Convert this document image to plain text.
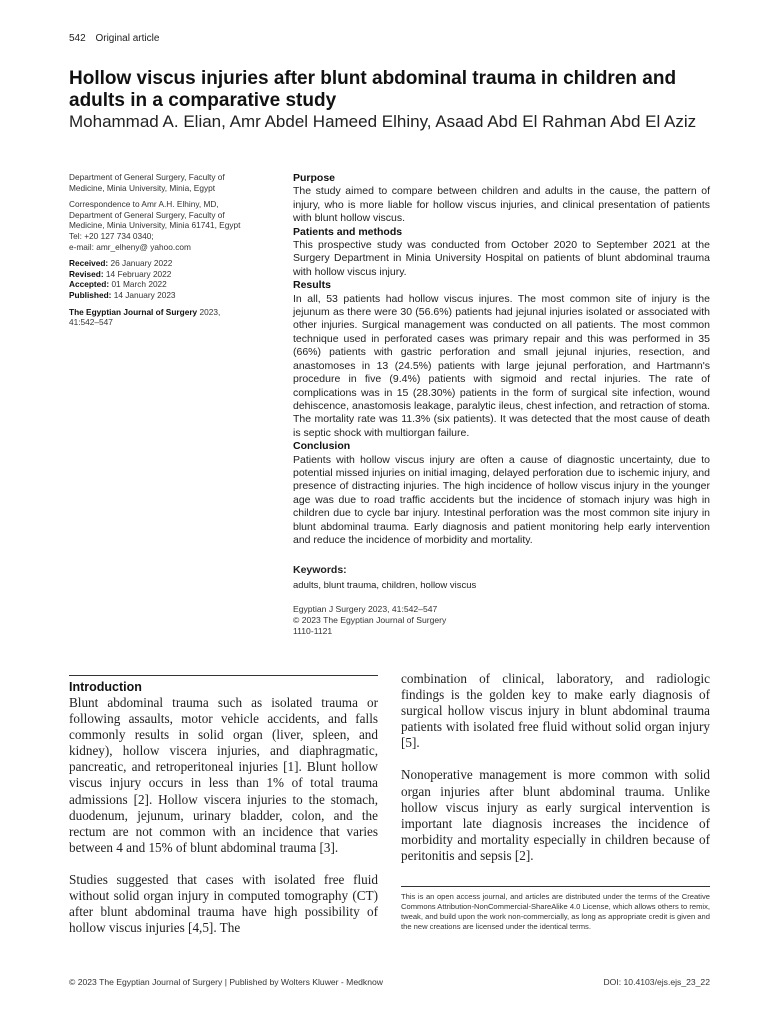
542 Original article
Hollow viscus injuries after blunt abdominal trauma in children and adults in a comparative study
Mohammad A. Elian, Amr Abdel Hameed Elhiny, Asaad Abd El Rahman Abd El Aziz

Department of General Surgery, Faculty of
Medicine, Minia University, Minia, Egypt

Correspondence to Amr A.H. Elhiny, MD,
Department of General Surgery, Faculty of
Medicine, Minia University, Minia 61741, Egypt
Tel: +20 127 734 0340;
e-mail: amr_elheny@ yahoo.com

Received: 26 January 2022
Revised: 14 February 2022
Accepted: 01 March 2022
Published: 14 January 2023

The Egyptian Journal of Surgery 2023,
41:542–547

Purpose

The study aimed to compare between children and adults in the cause, the pattern of injury, who is more liable for hollow viscus injuries, and clinical presentation of patients with blunt hollow viscus.

Patients and methods

This prospective study was conducted from October 2020 to September 2021 at the Surgery Department in Minia University Hospital on patients of blunt abdominal trauma with hollow viscus injury.

Results

In all, 53 patients had hollow viscus injures. The most common site of injury is the jejunum as there were 30 (56.6%) patients had jejunal injuries isolated or associated with other injuries. Surgical management was conducted on all patients. The most common technique used in perforated cases was primary repair and this was performed in 35 (66%) patients with gastric perforation and small jejunal injuries, resection, and anastomoses in 13 (24.5%) patients with large jejunal perforation, and Hartmann's procedure in five (9.4%) patients with sigmoid and rectal injuries. The rate of complications was in 15 (28.30%) patients in the form of surgical site infection, wound dehiscence, anastomosis leakage, paralytic ileus, chest infection, and retraction of stoma. The mortality rate was 11.3% (six patients). It was detected that the most cause of death is septic shock with multiorgan failure.

Conclusion

Patients with hollow viscus injury are often a cause of diagnostic uncertainty, due to potential missed injuries on initial imaging, delayed perforation due to ischemic injury, and presence of distracting injuries. The high incidence of hollow viscus injury in the younger age was due to road traffic accidents but the incidence of stomach injury was high in children due to cycle bar injury. Intestinal perforation was the most common site injury in blunt abdominal trauma. Early diagnosis and patient monitoring help early intervention and reduce the incidence of morbidity and mortality.

Keywords:
adults, blunt trauma, children, hollow viscus
Egyptian J Surgery 2023, 41:542–547
© 2023 The Egyptian Journal of Surgery
1110-1121
Introduction

Blunt abdominal trauma such as isolated trauma or following assaults, motor vehicle accidents, and falls commonly results in solid organ (liver, spleen, and kidney), hollow viscera injuries, and diaphragmatic, pancreatic, and retroperitoneal injuries [1]. Blunt hollow viscus injury occurs in less than 1% of total trauma admissions [2]. Hollow viscera injuries to the stomach, duodenum, jejunum, urinary bladder, colon, and the rectum are not common with an incidence that varies between 4 and 15% of blunt abdominal trauma [3].

Studies suggested that cases with isolated free fluid without solid organ injury in computed tomography (CT) after blunt abdominal trauma have high possibility of hollow viscus injuries [4,5]. The

combination of clinical, laboratory, and radiologic findings is the golden key to make early diagnosis of surgical hollow viscus injury in blunt abdominal trauma patients with isolated free fluid without solid organ injury [5].

Nonoperative management is more common with solid organ injuries after blunt abdominal trauma. Unlike hollow viscus injury as early surgical intervention is important late diagnosis increases the incidence of morbidity and mortality especially in children because of peritonitis and sepsis [2].

This is an open access journal, and articles are distributed under the terms of the Creative Commons Attribution-NonCommercial-ShareAlike 4.0 License, which allows others to remix, tweak, and build upon the work non-commercially, as long as appropriate credit is given and the new creations are licensed under the identical terms.

© 2023 The Egyptian Journal of Surgery | Published by Wolters Kluwer - Medknow	DOI: 10.4103/ejs.ejs_23_22
